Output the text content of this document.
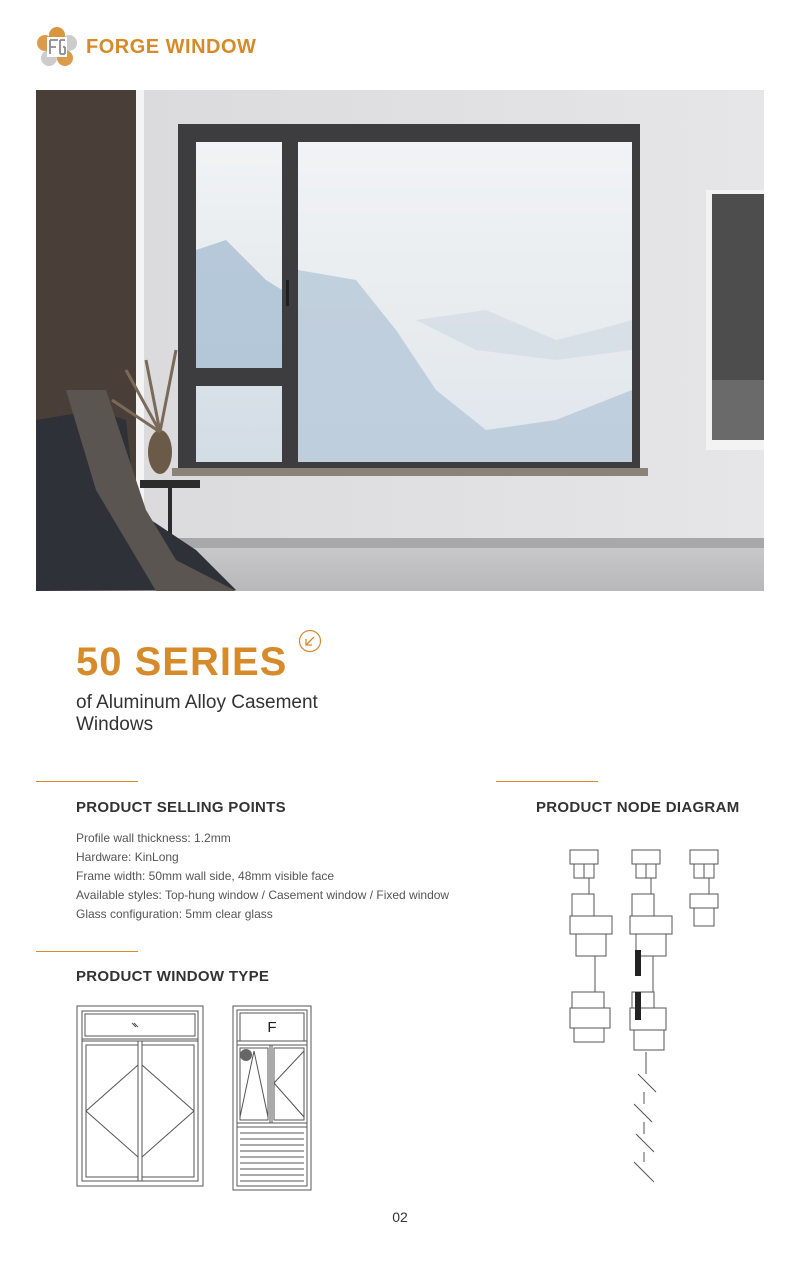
FORGE WINDOW
50 SERIES
of Aluminum Alloy Casement Windows
PRODUCT SELLING POINTS
Profile wall thickness: 1.2mm
Hardware: KinLong
Frame width: 50mm wall side, 48mm visible face
Available styles: Top-hung window / Casement window / Fixed window
Glass configuration: 5mm clear glass
PRODUCT NODE DIAGRAM
PRODUCT WINDOW TYPE
F
02
